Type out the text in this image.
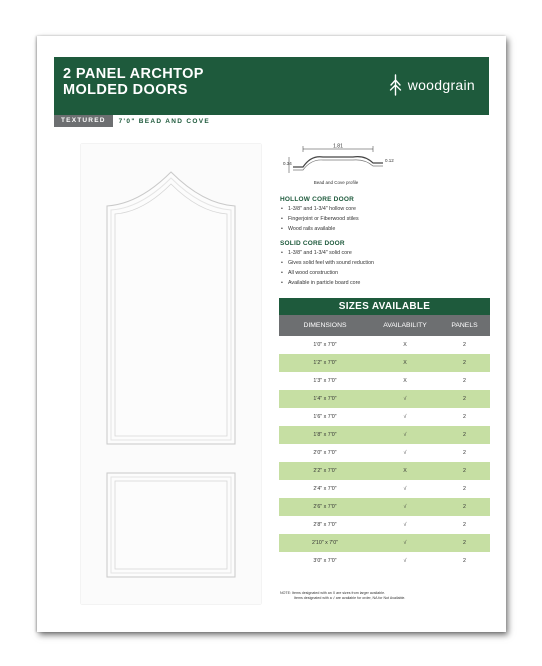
2 PANEL ARCHTOP
MOLDED DOORS	woodgrain
TEXTURED	7'0" BEAD AND COVE
1.81
0.34
0.12
Bead and Cove profile
HOLLOW CORE DOOR
• 1-3/8" and 1-3/4" hollow core
• Fingerjoint or Fiberwood stiles
• Wood rails available
SOLID CORE DOOR
• 1-3/8" and 1-3/4" solid core
• Gives solid feel with sound reduction
• All wood construction
• Available in particle board core
SIZES AVAILABLE
DIMENSIONS	AVAILABILITY	PANELS
1'0" x 7'0"	X	2
1'2" x 7'0"	X	2
1'3" x 7'0"	X	2
1'4" x 7'0"	√	2
1'6" x 7'0"	√	2
1'8" x 7'0"	√	2
2'0" x 7'0"	√	2
2'2" x 7'0"	X	2
2'4" x 7'0"	√	2
2'6" x 7'0"	√	2
2'8" x 7'0"	√	2
2'10" x 7'0"	√	2
3'0" x 7'0"	√	2
NOTE: Items designated with an X are sizes from larger available.
Items designated with a √ are available for order, NA for Not Available.
